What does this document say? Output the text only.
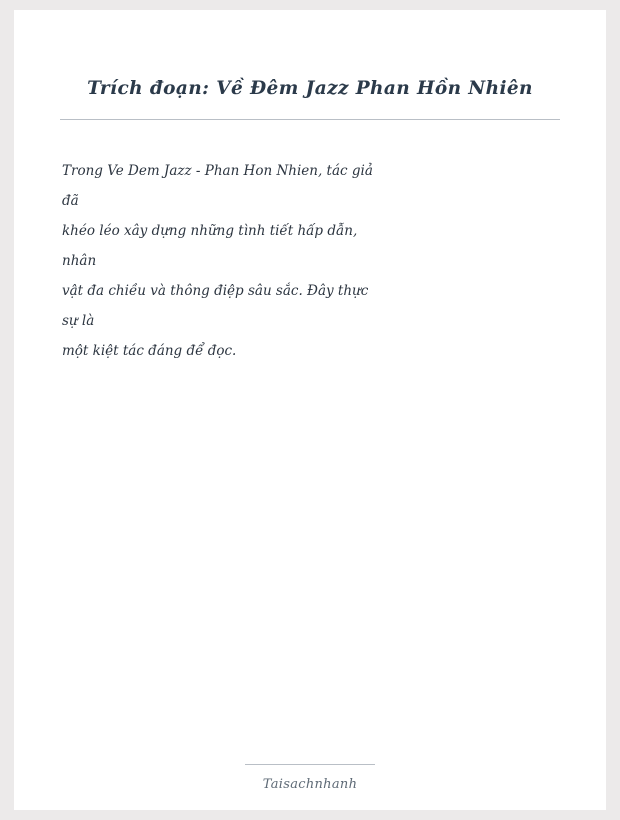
Trích đoạn: Về Đêm Jazz Phan Hồn Nhiên
Trong Ve Dem Jazz - Phan Hon Nhien, tác giả
đã
khéo léo xây dựng những tình tiết hấp dẫn,
nhân
vật đa chiều và thông điệp sâu sắc. Đây thực
sự là
một kiệt tác đáng để đọc.
Taisachnhanh
